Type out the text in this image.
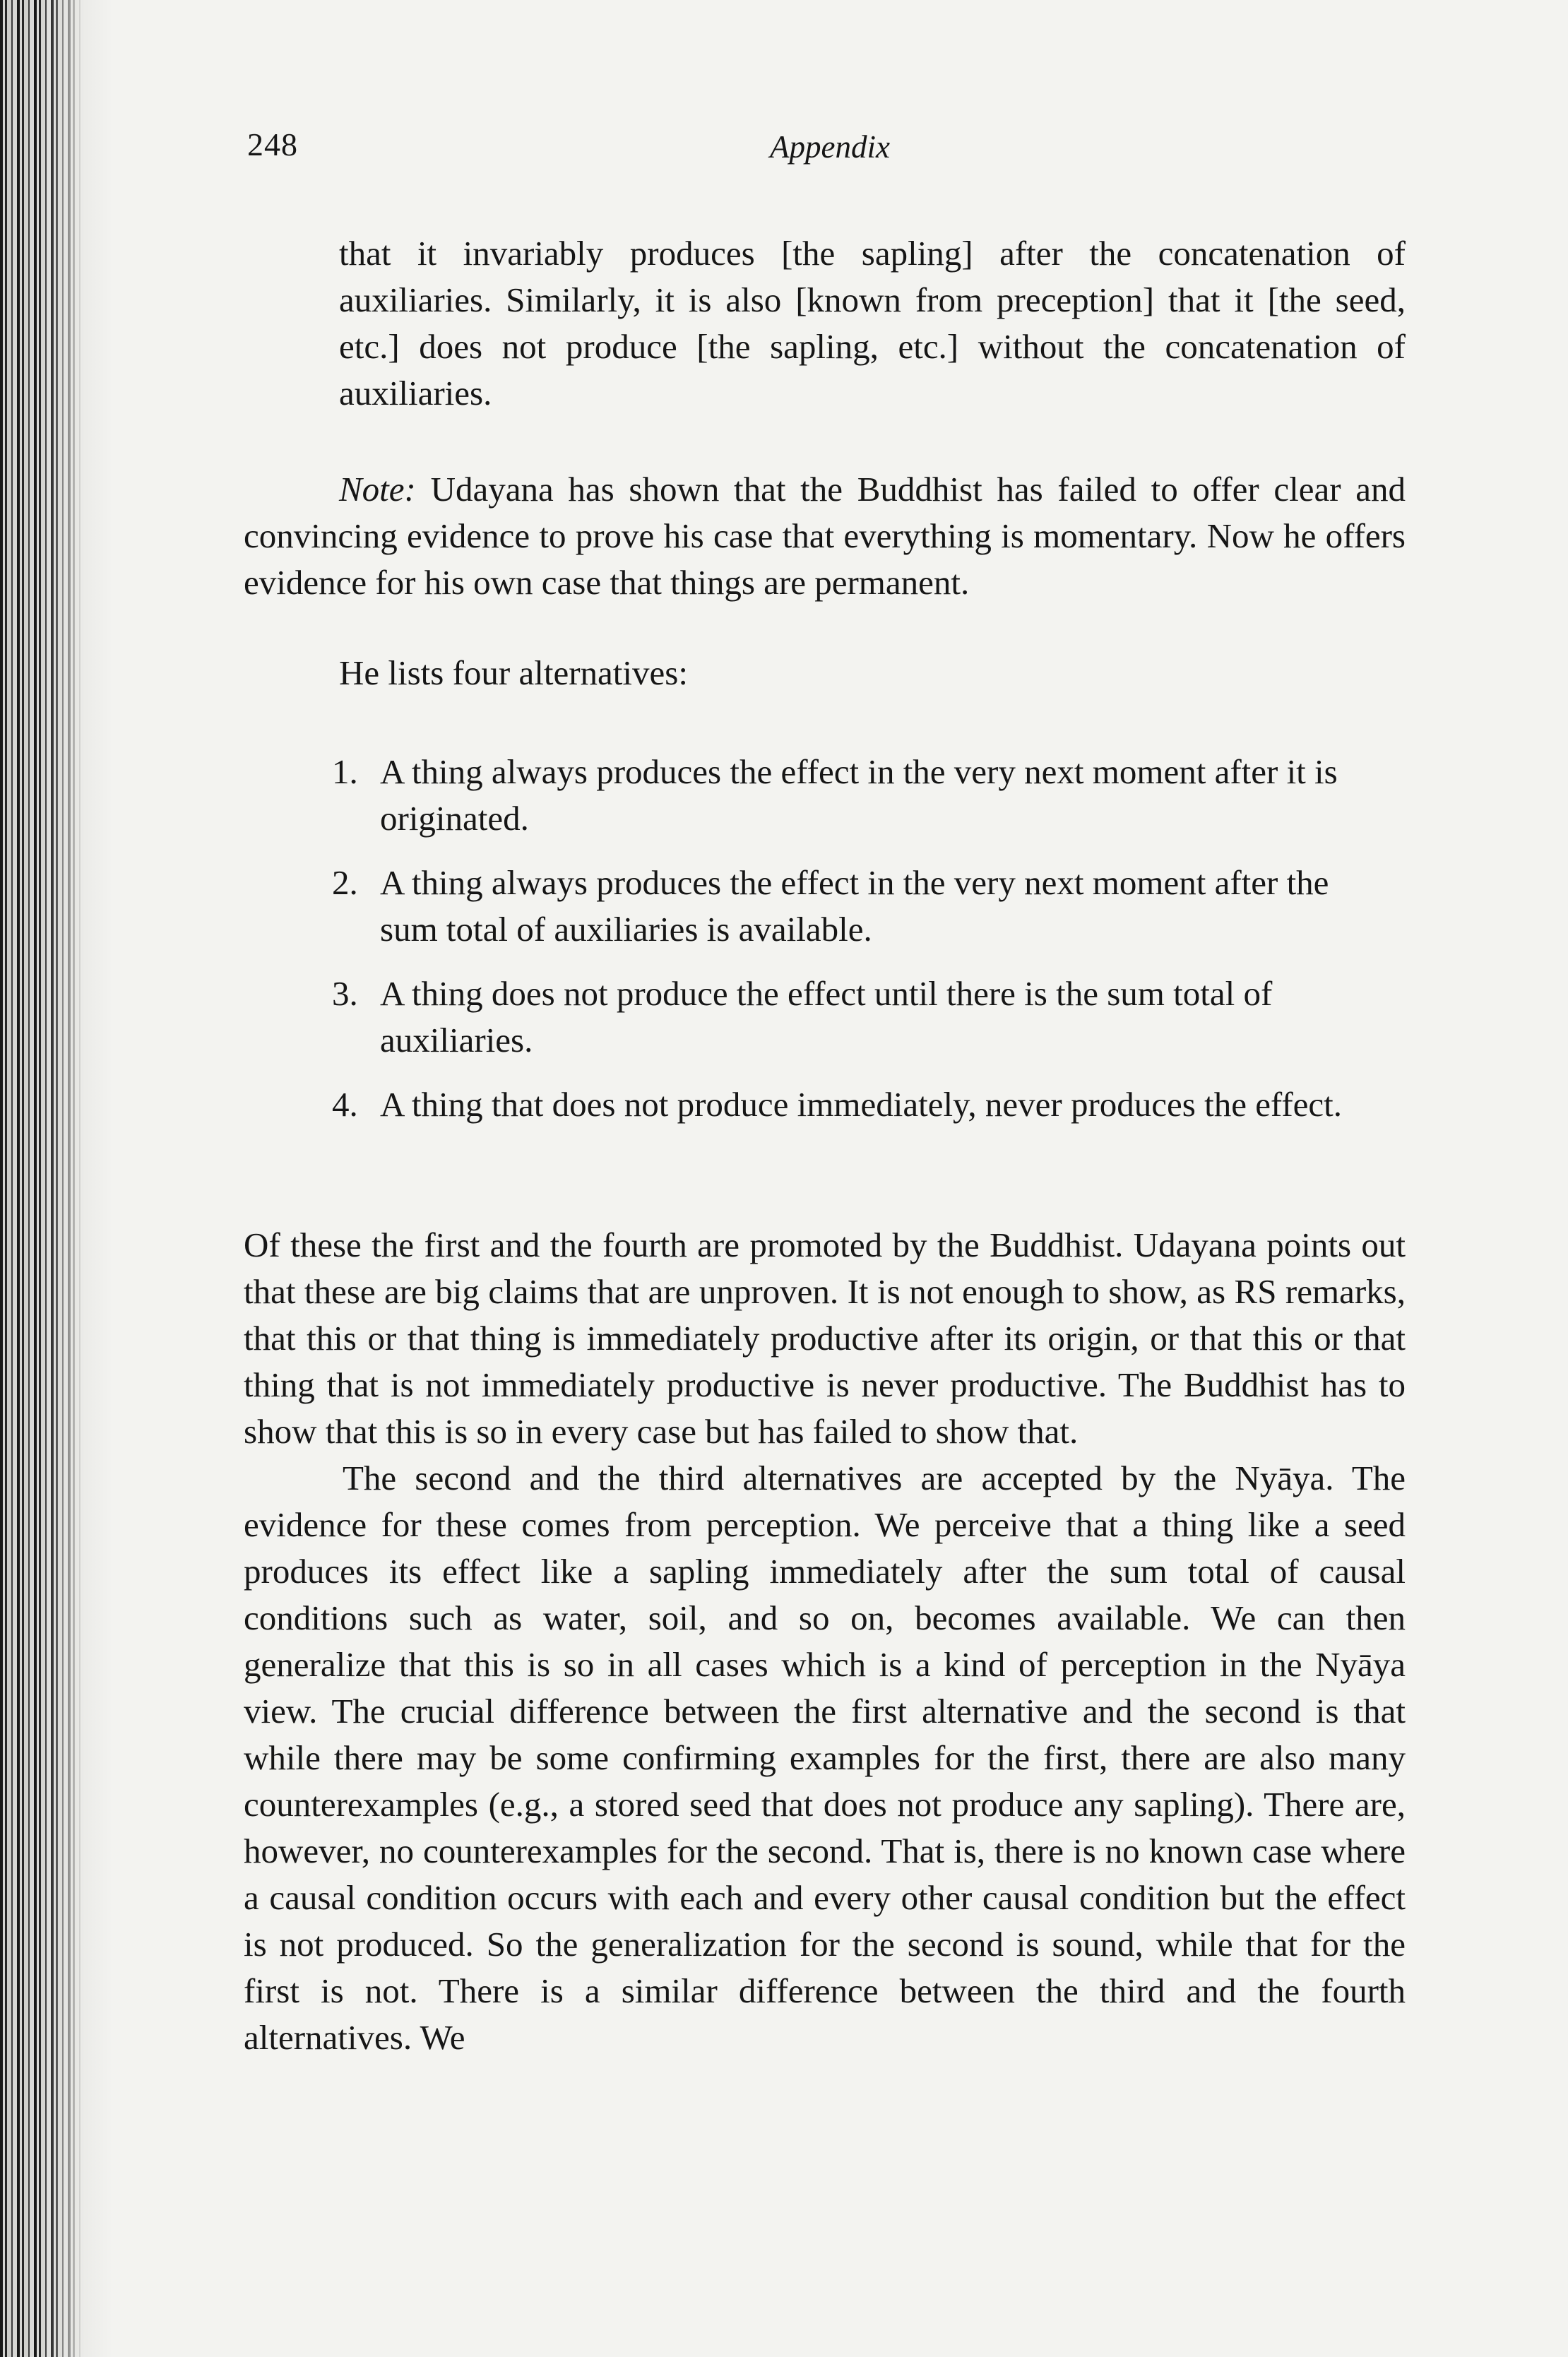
248	Appendix

that it invariably produces [the sapling] after the concatenation of auxiliaries. Similarly, it is also [known from preception] that it [the seed, etc.] does not produce [the sapling, etc.] without the concatenation of auxiliaries.

Note: Udayana has shown that the Buddhist has failed to offer clear and convincing evidence to prove his case that everything is momentary. Now he offers evidence for his own case that things are permanent.

He lists four alternatives:

1. A thing always produces the effect in the very next moment after it is originated.
2. A thing always produces the effect in the very next moment after the sum total of auxiliaries is available.
3. A thing does not produce the effect until there is the sum total of auxiliaries.
4. A thing that does not produce immediately, never produces the effect.

Of these the first and the fourth are promoted by the Buddhist. Udayana points out that these are big claims that are unproven. It is not enough to show, as RS remarks, that this or that thing is immediately productive after its origin, or that this or that thing that is not immediately productive is never productive. The Buddhist has to show that this is so in every case but has failed to show that.

The second and the third alternatives are accepted by the Nyāya. The evidence for these comes from perception. We perceive that a thing like a seed produces its effect like a sapling immediately after the sum total of causal conditions such as water, soil, and so on, becomes available. We can then generalize that this is so in all cases which is a kind of perception in the Nyāya view. The crucial difference between the first alternative and the second is that while there may be some confirming examples for the first, there are also many counterexamples (e.g., a stored seed that does not produce any sapling). There are, however, no counterexamples for the second. That is, there is no known case where a causal condition occurs with each and every other causal condition but the effect is not produced. So the generalization for the second is sound, while that for the first is not. There is a similar difference between the third and the fourth alternatives. We
